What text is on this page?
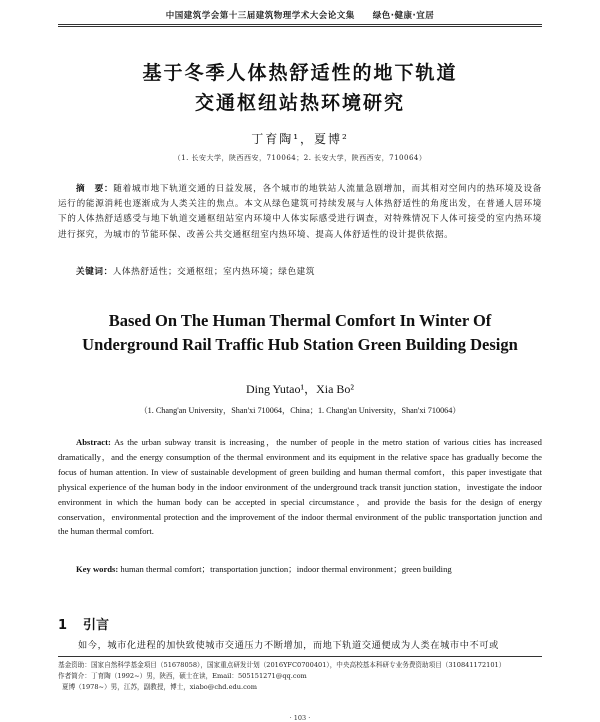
中国建筑学会第十三届建筑物理学术大会论文集　　绿色·健康·宜居
基于冬季人体热舒适性的地下轨道
交通枢纽站热环境研究
丁育陶¹，夏博²
（1. 长安大学，陕西西安，710064；2. 长安大学，陕西西安，710064）
摘　要：随着城市地下轨道交通的日益发展，各个城市的地铁站人流量急剧增加，而其相对空间内的热环境及设备运行的能源消耗也逐渐成为人类关注的焦点。本文从绿色建筑可持续发展与人体热舒适性的角度出发，在普通人居环境下的人体热舒适感受与地下轨道交通枢纽站室内环境中人体实际感受进行调查，对特殊情况下人体可接受的室内热环境进行探究，为城市的节能环保、改善公共交通枢纽室内热环境、提高人体舒适性的设计提供依据。
关键词：人体热舒适性；交通枢纽；室内热环境；绿色建筑
Based On The Human Thermal Comfort In Winter Of
Underground Rail Traffic Hub Station Green Building Design
Ding Yutao¹，Xia Bo²
（1. Chang'an University，Shan'xi 710064，China；1. Chang'an University，Shan'xi 710064）
Abstract: As the urban subway transit is increasing，the number of people in the metro station of various cities has increased dramatically，and the energy consumption of the thermal environment and its equipment in the relative space has gradually become the focus of human attention. In view of sustainable development of green building and human thermal comfort，this paper investigate that physical experience of the human body in the indoor environment of the underground track transit junction station，investigate the indoor environment in which the human body can be accepted in special circumstance，and provide the basis for the design of energy conservation，environmental protection and the improvement of the indoor thermal environment of the public transportation junction and the human thermal comfort.
Key words: human thermal comfort；transportation junction；indoor thermal environment；green building
1 引言
如今，城市化进程的加快致使城市交通压力不断增加，而地下轨道交通便成为人类在城市中不可或
基金资助：国家自然科学基金项目（51678058），国家重点研发计划（2016YFC0700401），中央高校基本科研专业务费资助项目（310841172101）
作者简介：丁育陶（1992~）男，陕西，硕士在读，Email：505151271@qq.com
夏博（1978~）男，江苏，副教授，博士，xiabo@chd.edu.com
· 103 ·
